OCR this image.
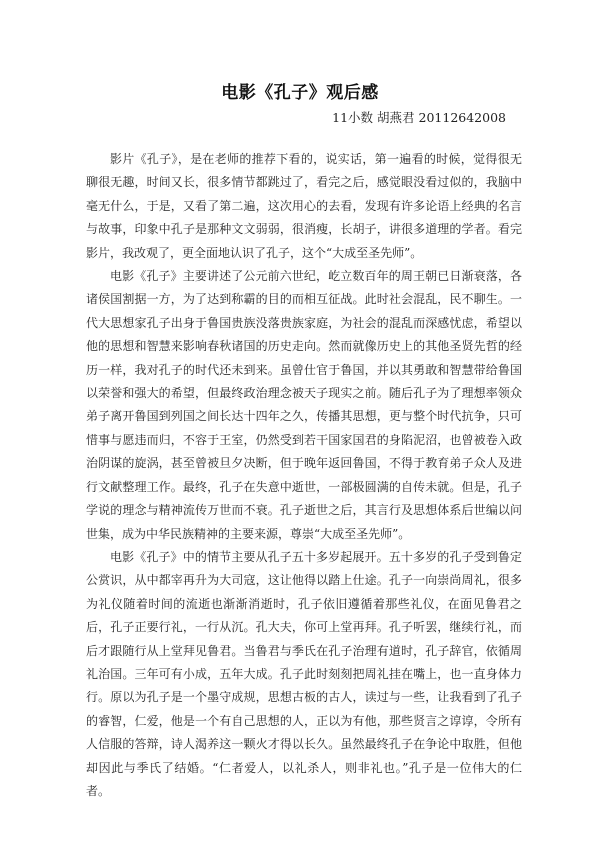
电影《孔子》观后感
11小数 胡燕君 20112642008

影片《孔子》，是在老师的推荐下看的，说实话，第一遍看的时候，觉得很无聊很无趣，时间又长，很多情节都跳过了，看完之后，感觉眼没看过似的，我脑中毫无什么，于是，又看了第二遍，这次用心的去看，发现有许多论语上经典的名言与故事，印象中孔子是那种文文弱弱，很消瘦，长胡子，讲很多道理的学者。看完影片，我改观了，更全面地认识了孔子，这个“大成至圣先师”。

电影《孔子》主要讲述了公元前六世纪，屹立数百年的周王朝已日渐衰落，各诸侯国割据一方，为了达到称霸的目的而相互征战。此时社会混乱，民不聊生。一代大思想家孔子出身于鲁国贵族没落贵族家庭，为社会的混乱而深感忧虑，希望以他的思想和智慧来影响春秋诸国的历史走向。然而就像历史上的其他圣贤先哲的经历一样，我对孔子的时代还未到来。虽曾仕官于鲁国，并以其勇敢和智慧带给鲁国以荣誉和强大的希望，但最终政治理念被天子现实之前。随后孔子为了理想率领众弟子离开鲁国到列国之间长达十四年之久，传播其思想，更与整个时代抗争，只可惜事与愿违而归，不容于王室，仍然受到若干国家国君的身陷泥沼，也曾被卷入政治阴谋的旋涡，甚至曾被旦夕决断，但于晚年返回鲁国，不得于教育弟子众人及进行文献整理工作。最终，孔子在失意中逝世，一部极圆满的自传未就。但是，孔子学说的理念与精神流传万世而不衰。孔子逝世之后，其言行及思想体系后世编以问世集，成为中华民族精神的主要来源，尊崇“大成至圣先师”。

电影《孔子》中的情节主要从孔子五十多岁起展开。五十多岁的孔子受到鲁定公赏识，从中都宰再升为大司寇，这让他得以踏上仕途。孔子一向崇尚周礼，很多为礼仪随着时间的流逝也渐渐消逝时，孔子依旧遵循着那些礼仪，在面见鲁君之后，孔子正要行礼，一行从沉。孔大夫，你可上堂再拜。孔子听罢，继续行礼，而后才跟随行从上堂拜见鲁君。当鲁君与季氏在孔子治理有道时，孔子辞官，依循周礼治国。三年可有小成，五年大成。孔子此时刻刻把周礼挂在嘴上，也一直身体力行。原以为孔子是一个墨守成规，思想古板的古人，读过与一些，让我看到了孔子的睿智，仁爱，他是一个有自己思想的人，正以为有他，那些贤言之谆谆，令所有人信服的答辩，诗人渴养这一颗火才得以长久。虽然最终孔子在争论中取胜，但他却因此与季氏了结婚。“仁者爱人，以礼杀人，则非礼也。”孔子是一位伟大的仁者。
